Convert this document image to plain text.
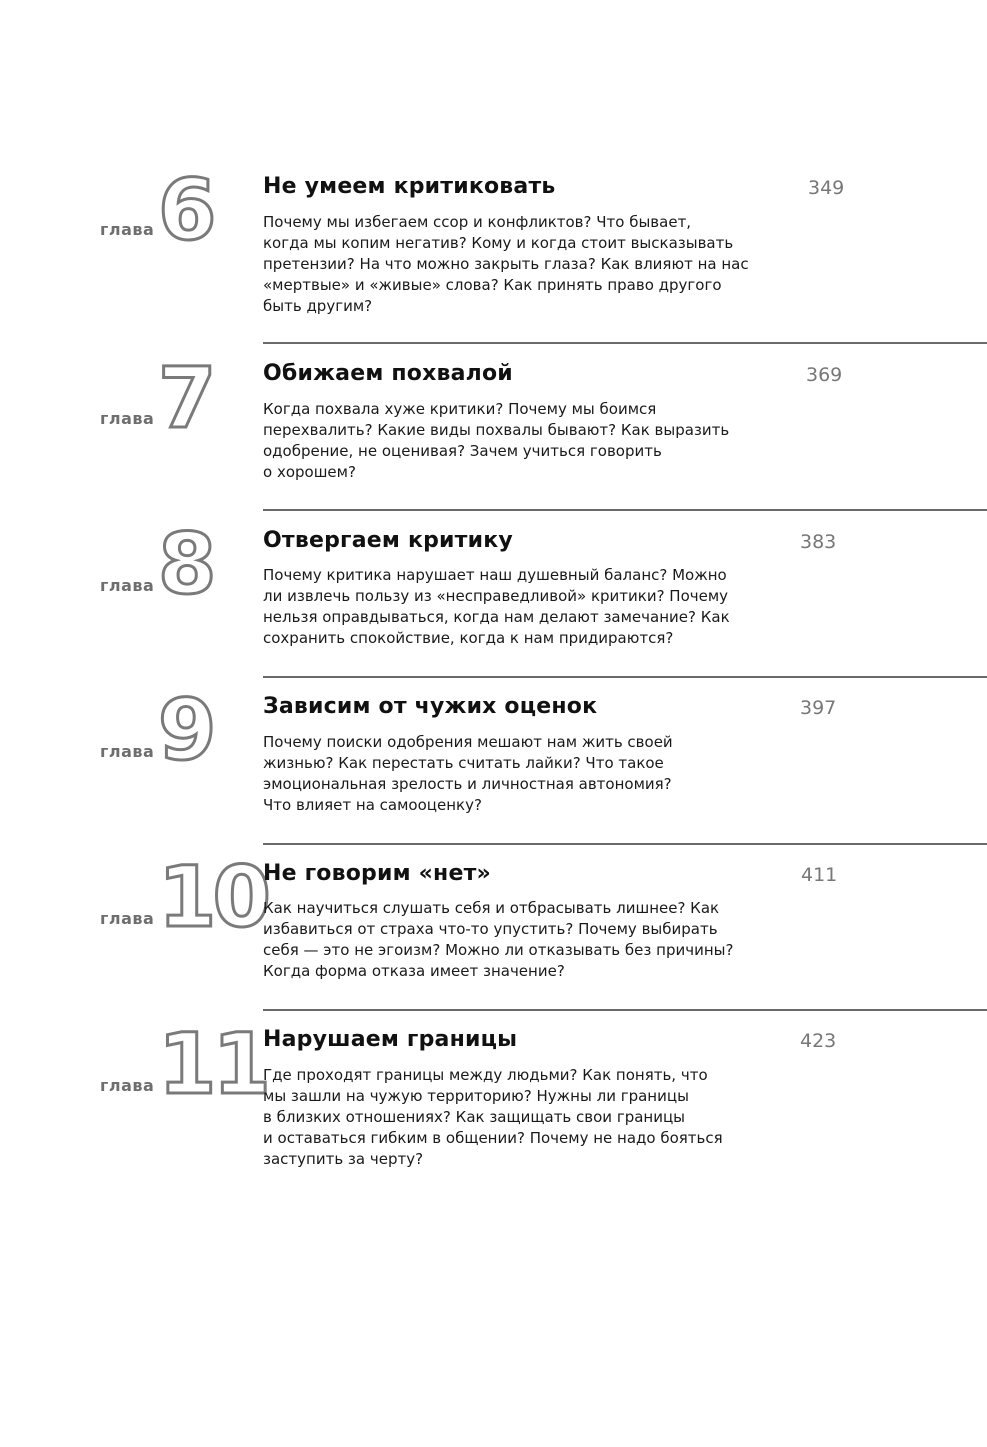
глава 6 Не умеем критиковать	349

Почему мы избегаем ссор и конфликтов? Что бывает,
когда мы копим негатив? Кому и когда стоит высказывать
претензии? На что можно закрыть глаза? Как влияют на нас
«мертвые» и «живые» слова? Как принять право другого
быть другим?

глава 7 Обижаем похвалой	369

Когда похвала хуже критики? Почему мы боимся
перехвалить? Какие виды похвалы бывают? Как выразить
одобрение, не оценивая? Зачем учиться говорить
о хорошем?

глава 8 Отвергаем критику	383

Почему критика нарушает наш душевный баланс? Можно
ли извлечь пользу из «несправедливой» критики? Почему
нельзя оправдываться, когда нам делают замечание? Как
сохранить спокойствие, когда к нам придираются?

глава 9 Зависим от чужих оценок	397

Почему поиски одобрения мешают нам жить своей
жизнью? Как перестать считать лайки? Что такое
эмоциональная зрелость и личностная автономия?
Что влияет на самооценку?

глава 10
Не говорим «нет»	411

Как научиться слушать себя и отбрасывать лишнее? Как
избавиться от страха что-то упустить? Почему выбирать
себя — это не эгоизм? Можно ли отказывать без причины?
Когда форма отказа имеет значение?

глава 11
Нарушаем границы	423

Где проходят границы между людьми? Как понять, что
мы зашли на чужую территорию? Нужны ли границы
в близких отношениях? Как защищать свои границы
и оставаться гибким в общении? Почему не надо бояться
заступить за черту?
